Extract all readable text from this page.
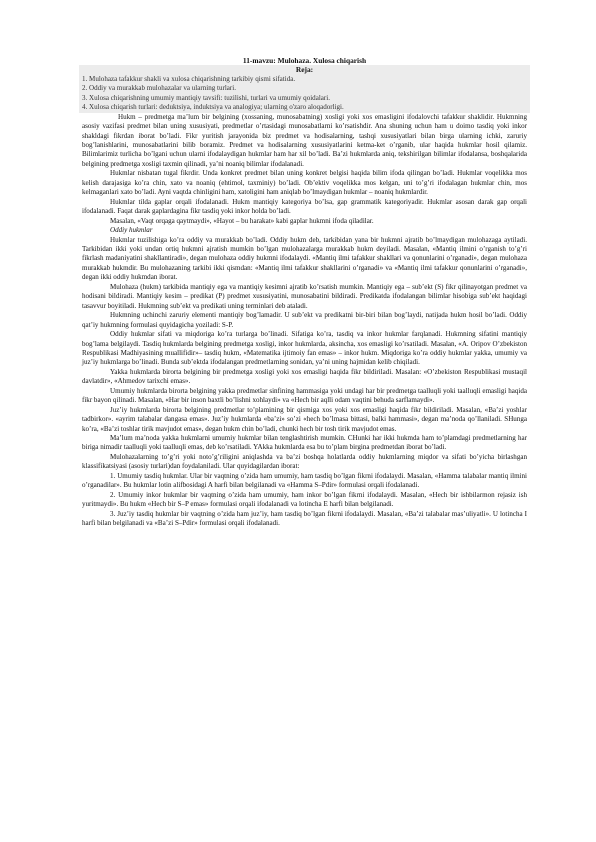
11-mavzu: Mulohaza. Xulosa chiqarish
Reja:
1. Mulohaza tafakkur shakli va xulosa chiqarishning tarkibiy qismi sifatida.
2. Oddiy va murakkab mulohazalar va ularning turlari.
3. Xulosa chiqarishning umumiy mantiqiy tavsifi: tuzilishi, turlari va umumiy qoidalari.
4. Xulosa chiqarish turlari: deduktsiya, induktsiya va analogiya; ularning o'zaro aloqadorligi.

Hukm – predmetga ma’lum bir belgining (xossaning, munosabatning) xosligi yoki xos emasligini ifodalovchi tafakkur shaklidir. Hukmning asosiy vazifasi predmet bilan uning xususiyati, predmetlar o’rtasidagi munosabatlarni ko’rsatishdir. Ana shuning uchun ham u doimo tasdiq yoki inkor shakldagi fikrdan iborat bo’ladi. Fikr yuritish jarayonida biz predmet va hodisalarning, tashqi xususiyatlari bilan birga ularning ichki, zaruriy bog’lanishlarini, munosabatlarini bilib boramiz. Predmet va hodisalarning xususiyatlarini ketma-ket o’rganib, ular haqida hukmlar hosil qilamiz. Bilimlarimiz turlicha bo’lgani uchun ularni ifodalaydigan hukmlar ham har xil bo’ladi. Ba’zi hukmlarda aniq, tekshirilgan bilimlar ifodalansa, boshqalarida belgining predmetga xosligi taxmin qilinadi, ya’ni noaniq bilimlar ifodalanadi.

Hukmlar nisbatan tugal fikrdir. Unda konkret predmet bilan uning konkret belgisi haqida bilim ifoda qilingan bo’ladi. Hukmlar voqelikka mos kelish darajasiga ko’ra chin, xato va noaniq (ehtimol, taxminiy) bo’ladi. Ob’ektiv voqelikka mos kelgan, uni to’g’ri ifodalagan hukmlar chin, mos kelmaganlari xato bo’ladi. Ayni vaqtda chinligini ham, xatoligini ham aniqlab bo’lmaydigan hukmlar – noaniq hukmlardir.

Hukmlar tilda gaplar orqali ifodalanadi. Hukm mantiqiy kategoriya bo’lsa, gap grammatik kategoriyadir. Hukmlar asosan darak gap orqali ifodalanadi. Faqat darak gaplardagina fikr tasdiq yoki inkor holda bo’ladi.

Masalan, «Vaqt orqaga qaytmaydi», «Hayot – bu harakat» kabi gaplar hukmni ifoda qiladilar.

Oddiy hukmlar

Hukmlar tuzilishiga ko’ra oddiy va murakkab bo’ladi. Oddiy hukm deb, tarkibidan yana bir hukmni ajratib bo’lmaydigan mulohazaga aytiladi. Tarkibidan ikki yoki undan ortiq hukmni ajratish mumkin bo’lgan mulohazalarga murakkab hukm deyiladi. Masalan, «Mantiq ilmini o’rganish to’g’ri fikrlash madaniyatini shakllantiradi», degan mulohaza oddiy hukmni ifodalaydi. «Mantiq ilmi tafakkur shakllari va qonunlarini o’rganadi», degan mulohaza murakkab hukmdir. Bu mulohazaning tarkibi ikki qismdan: «Mantiq ilmi tafakkur shakllarini o’rganadi» va «Mantiq ilmi tafakkur qonunlarini o’rganadi», degan ikki oddiy hukmdan iborat.

Mulohaza (hukm) tarkibida mantiqiy ega va mantiqiy kesimni ajratib ko’rsatish mumkin. Mantiqiy ega – sub’ekt (S) fikr qilinayotgan predmet va hodisani bildiradi. Mantiqiy kesim – predikat (P) predmet xususiyatini, munosabatini bildiradi. Predikatda ifodalangan bilimlar hisobiga sub’ekt haqidagi tasavvur boyitiladi. Hukmning sub’ekt va predikati uning terminlari deb ataladi.

Hukmning uchinchi zaruriy elementi mantiqiy bog’lamadir. U sub’ekt va predikatni bir-biri bilan bog’laydi, natijada hukm hosil bo’ladi. Oddiy qat’iy hukmning formulasi quyidagicha yoziladi: S-P.

Oddiy hukmlar sifati va miqdoriga ko’ra turlarga bo’linadi. Sifatiga ko’ra, tasdiq va inkor hukmlar farqlanadi. Hukmning sifatini mantiqiy bog’lama belgilaydi. Tasdiq hukmlarda belgining predmetga xosligi, inkor hukmlarda, aksincha, xos emasligi ko’rsatiladi. Masalan, «A. Oripov O’zbekiston Respublikasi Madhiyasining muallifidir»– tasdiq hukm, «Matematika ijtimoiy fan emas» – inkor hukm. Miqdoriga ko’ra oddiy hukmlar yakka, umumiy va juz’iy hukmlarga bo’linadi. Bunda sub’ektda ifodalangan predmetlarning sonidan, ya’ni uning hajmidan kelib chiqiladi.

Yakka hukmlarda birorta belgining bir predmetga xosligi yoki xos emasligi haqida fikr bildiriladi. Masalan: «O’zbekiston Respublikasi mustaqil davlatdir», «Ahmedov tarixchi emas».

Umumiy hukmlarda birorta belgining yakka predmetlar sinfining hammasiga yoki undagi har bir predmetga taalluqli yoki taalluqli emasligi haqida fikr bayon qilinadi. Masalan, «Har bir inson baxtli bo’lishni xohlaydi» va «Hech bir aqlli odam vaqtini behuda sarflamaydi».

Juz’iy hukmlarda birorta belgining predmetlar to’plamining bir qismiga xos yoki xos emasligi haqida fikr bildiriladi. Masalan, «Ba’zi yoshlar tadbirkor». «ayrim talabalar dangasa emas». Juz’iy hukmlarda «ba’zi» so’zi «hech bo’lmasa bittasi, balki hammasi», degan ma’noda qo’llaniladi. SHunga ko’ra, «Ba’zi toshlar tirik mavjudot emas», degan hukm chin bo’ladi, chunki hech bir tosh tirik mavjudot emas.

Ma’lum ma’noda yakka hukmlarni umumiy hukmlar bilan tenglashtirish mumkin. CHunki har ikki hukmda ham to’plamdagi predmetlarning har biriga nimadir taalluqli yoki taalluqli emas, deb ko’rsatiladi. YAkka hukmlarda esa bu to’plam birgina predmetdan iborat bo’ladi.

Mulohazalarning to’g’ri yoki noto’g’riligini aniqlashda va ba’zi boshqa holatlarda oddiy hukmlarning miqdor va sifati bo’yicha birlashgan klassifikatsiyasi (asosiy turlari)dan foydalaniladi. Ular quyidagilardan iborat:

1. Umumiy tasdiq hukmlar. Ular bir vaqtning o’zida ham umumiy, ham tasdiq bo’lgan fikrni ifodalaydi. Masalan, «Hamma talabalar mantiq ilmini o’rganadilar». Bu hukmlar lotin alifbosidagi A harfi bilan belgilanadi va «Hamma S–Pdir» formulasi orqali ifodalanadi.

2. Umumiy inkor hukmlar bir vaqtning o’zida ham umumiy, ham inkor bo’lgan fikrni ifodalaydi. Masalan, «Hech bir ishbilarmon rejasiz ish yuritmaydi». Bu hukm «Hech bir S–P emas» formulasi orqali ifodalanadi va lotincha E harfi bilan belgilanadi.

3. Juz’iy tasdiq hukmlar bir vaqtning o’zida ham juz’iy, ham tasdiq bo’lgan fikrni ifodalaydi. Masalan, «Ba’zi talabalar mas’uliyatli». U lotincha I harfi bilan belgilanadi va «Ba’zi S–Pdir» formulasi orqali ifodalanadi.
